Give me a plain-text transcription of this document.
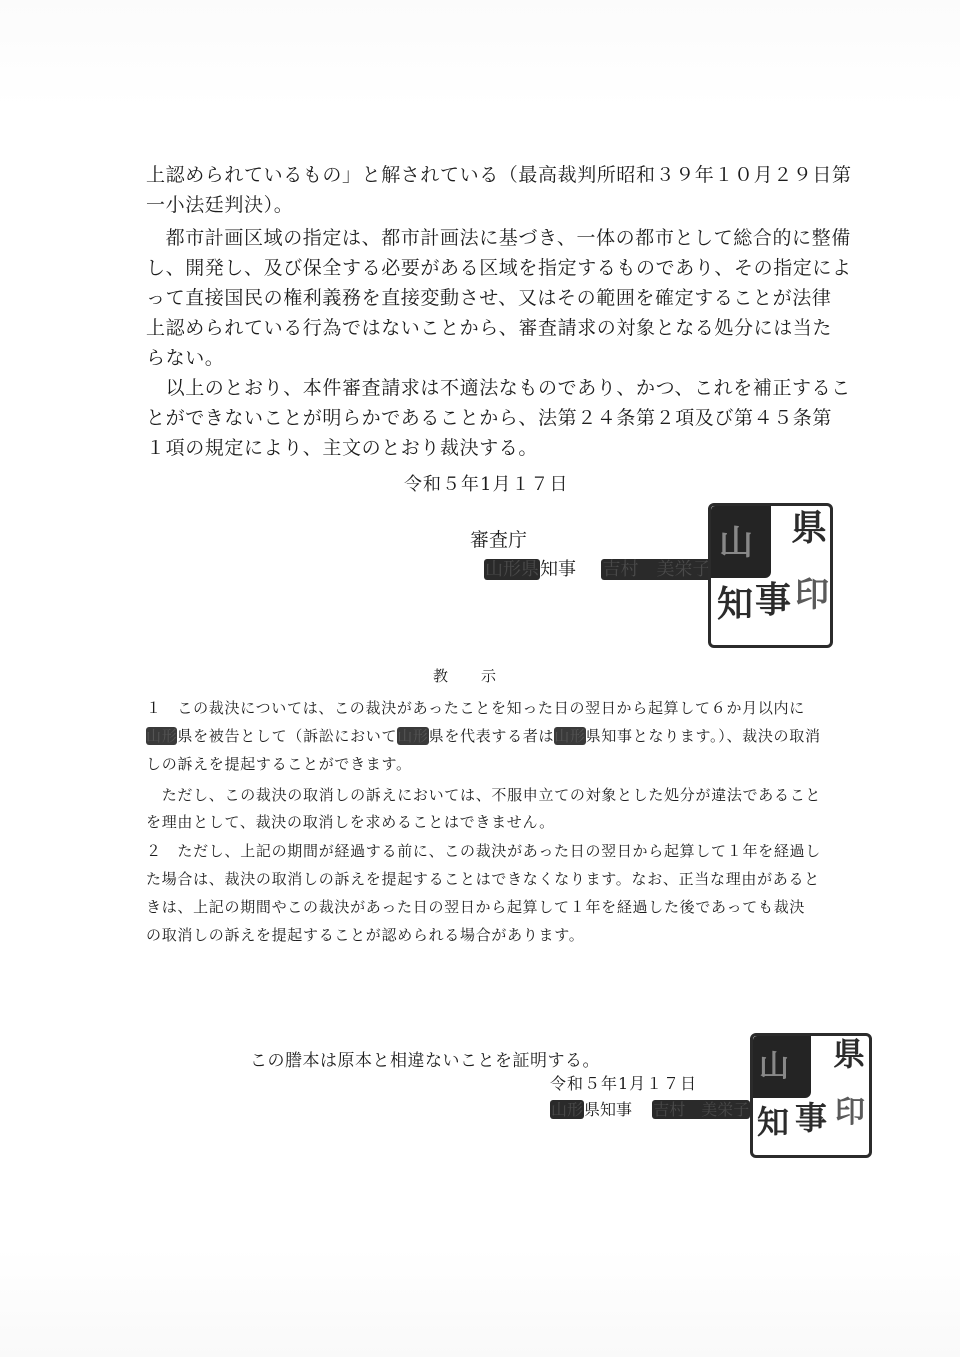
上認められているもの」と解されている（最高裁判所昭和３９年１０月２９日第
一小法廷判決）。
　都市計画区域の指定は、都市計画法に基づき、一体の都市として総合的に整備
し、開発し、及び保全する必要がある区域を指定するものであり、その指定によ
って直接国民の権利義務を直接変動させ、又はその範囲を確定することが法律
上認められている行為ではないことから、審査請求の対象となる処分には当た
らない。
　以上のとおり、本件審査請求は不適法なものであり、かつ、これを補正するこ
とができないことが明らかであることから、法第２４条第２項及び第４５条第
１項の規定により、主文のとおり裁決する。
令和５年1月１７日
審査庁
山形県知事 吉村　美栄子
山 県
知 事 印
教　　示
１　この裁決については、この裁決があったことを知った日の翌日から起算して６か月以内に
山形県を被告として（訴訟において山形県を代表する者は山形県知事となります。）、裁決の取消
しの訴えを提起することができます。
　ただし、この裁決の取消しの訴えにおいては、不服申立ての対象とした処分が違法であること
を理由として、裁決の取消しを求めることはできません。
２　ただし、上記の期間が経過する前に、この裁決があった日の翌日から起算して１年を経過し
た場合は、裁決の取消しの訴えを提起することはできなくなります。なお、正当な理由があると
きは、上記の期間やこの裁決があった日の翌日から起算して１年を経過した後であっても裁決
の取消しの訴えを提起することが認められる場合があります。
この謄本は原本と相違ないことを証明する。
令和５年1月１７日
山形県知事 吉村　美栄子
山 県
知 事 印
